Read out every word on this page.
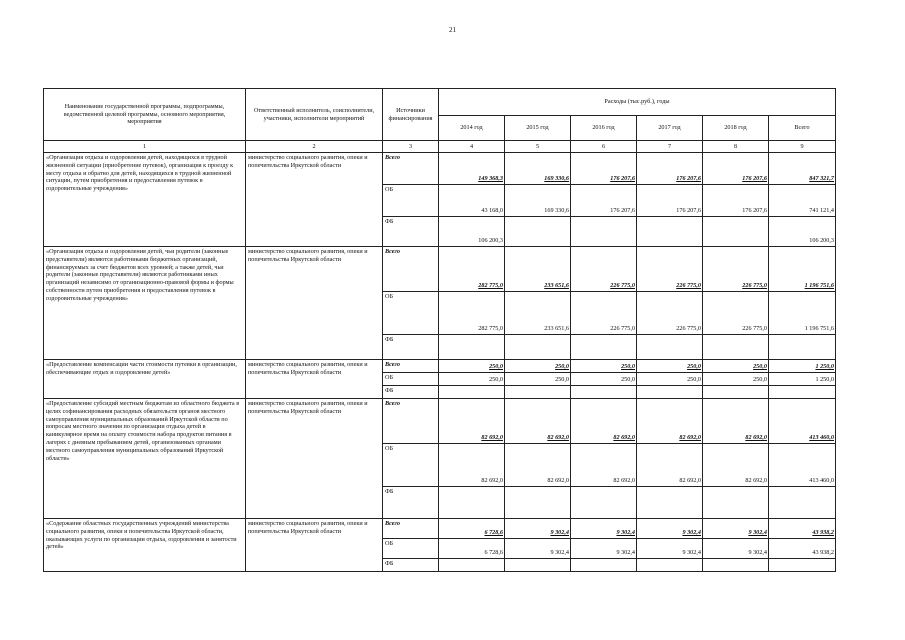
21
Наименование государственной программы, подпрограммы, ведомственной целевой программы, основного мероприятия, мероприятия	Ответственный исполнитель, соисполнители, участники, исполнители мероприятий	Источники финансирования	Расходы (тыс.руб.), годы					
			2014 год	2015 год	2016 год	2017 год	2018 год	Всего
1	2	3	4	5	6	7	8	9
«Организация отдыха и оздоровления детей, находящихся в трудной жизненной ситуации (приобретение путевок), организация к проезду к месту отдыха и обратно для детей, находящихся в трудной жизненной ситуации, путем приобретения и предоставления путевок в оздоровительные учреждения»	министерство социального развития, опеки и попечительства Иркутской области	Всего	149 368,3	169 330,6	176 207,6	176 207,6	176 207,6	847 321,7
		ОБ	43 168,0	169 330,6	176 207,6	176 207,6	176 207,6	741 121,4
		ФБ	106 200,3					106 200,3
«Организация отдыха и оздоровления детей, чьи родители (законные представители) являются работниками бюджетных организаций, финансируемых за счет бюджетов всех уровней; а также детей, чьи родители (законные представители) являются работниками иных организаций независимо от организационно-правовой формы и формы собственности путем приобретения и предоставления путевок в оздоровительные учреждения»	министерство социального развития, опеки и попечительства Иркутской области	Всего	282 775,0	233 651,6	226 775,0	226 775,0	226 775,0	1 196 751,6
		ОБ	282 775,0	233 651,6	226 775,0	226 775,0	226 775,0	1 196 751,6
		ФБ						
«Предоставление компенсации части стоимости путевки в организации, обеспечивающие отдых и оздоровление детей»	министерство социального развития, опеки и попечительства Иркутской области	Всего	250,0	250,0	250,0	250,0	250,0	1 250,0
		ОБ	250,0	250,0	250,0	250,0	250,0	1 250,0
		ФБ						
«Предоставление субсидий местным бюджетам из областного бюджета в целях софинансирования расходных обязательств органов местного самоуправления муниципальных образований Иркутской области по вопросам местного значения по организации отдыха детей в каникулярное время на оплату стоимости набора продуктов питания в лагерях с дневным пребыванием детей, организованных органами местного самоуправления муниципальных образований Иркутской области»	министерство социального развития, опеки и попечительства Иркутской области	Всего	82 692,0	82 692,0	82 692,0	82 692,0	82 692,0	413 460,0
		ОБ	82 692,0	82 692,0	82 692,0	82 692,0	82 692,0	413 460,0
		ФБ						
«Содержание областных государственных учреждений министерства социального развития, опеки и попечительства Иркутской области, оказывающих услуги по организации отдыха, оздоровления и занятости детей»	министерство социального развития, опеки и попечительства Иркутской области	Всего	6 728,6	9 302,4	9 302,4	9 302,4	9 302,4	43 938,2
		ОБ	6 728,6	9 302,4	9 302,4	9 302,4	9 302,4	43 938,2
		ФБ						
